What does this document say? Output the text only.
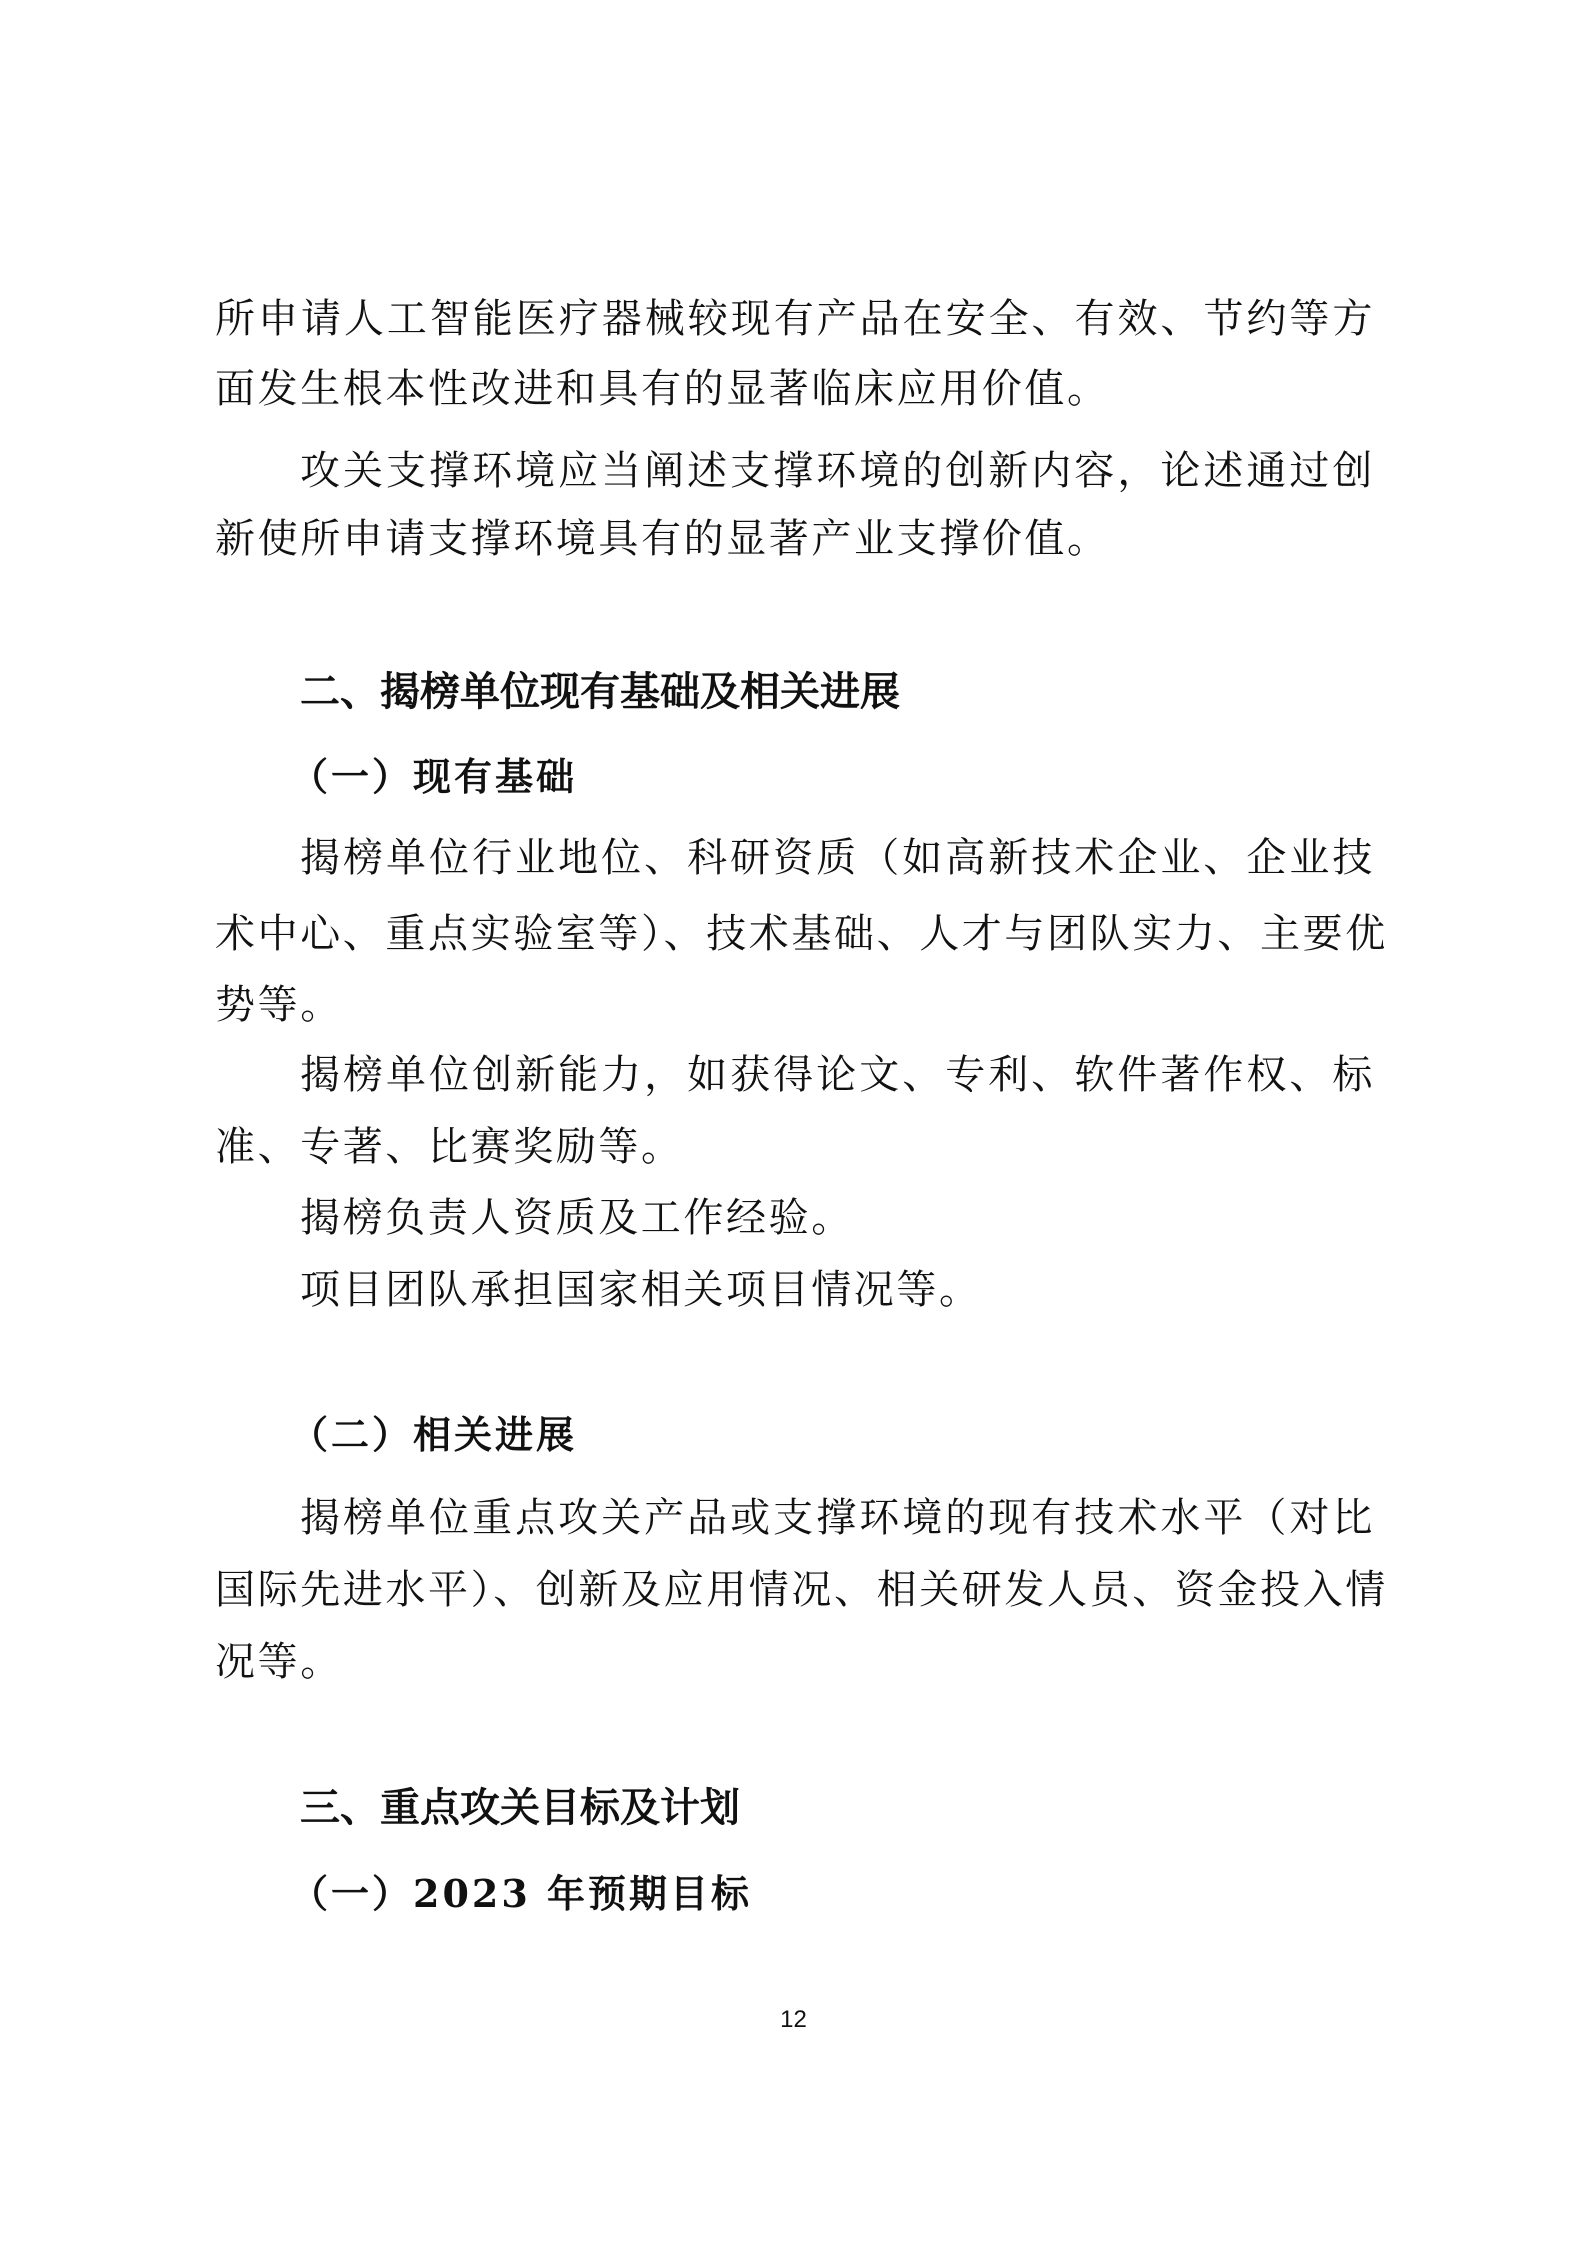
所申请人工智能医疗器械较现有产品在安全、有效、节约等方
面发生根本性改进和具有的显著临床应用价值。
攻关支撑环境应当阐述支撑环境的创新内容，论述通过创
新使所申请支撑环境具有的显著产业支撑价值。
二、揭榜单位现有基础及相关进展
（一）现有基础
揭榜单位行业地位、科研资质（如高新技术企业、企业技
术中心、重点实验室等）、技术基础、人才与团队实力、主要优
势等。
揭榜单位创新能力，如获得论文、专利、软件著作权、标
准、专著、比赛奖励等。
揭榜负责人资质及工作经验。
项目团队承担国家相关项目情况等。
（二）相关进展
揭榜单位重点攻关产品或支撑环境的现有技术水平（对比
国际先进水平）、创新及应用情况、相关研发人员、资金投入情
况等。
三、重点攻关目标及计划
（一）2023 年预期目标
12
